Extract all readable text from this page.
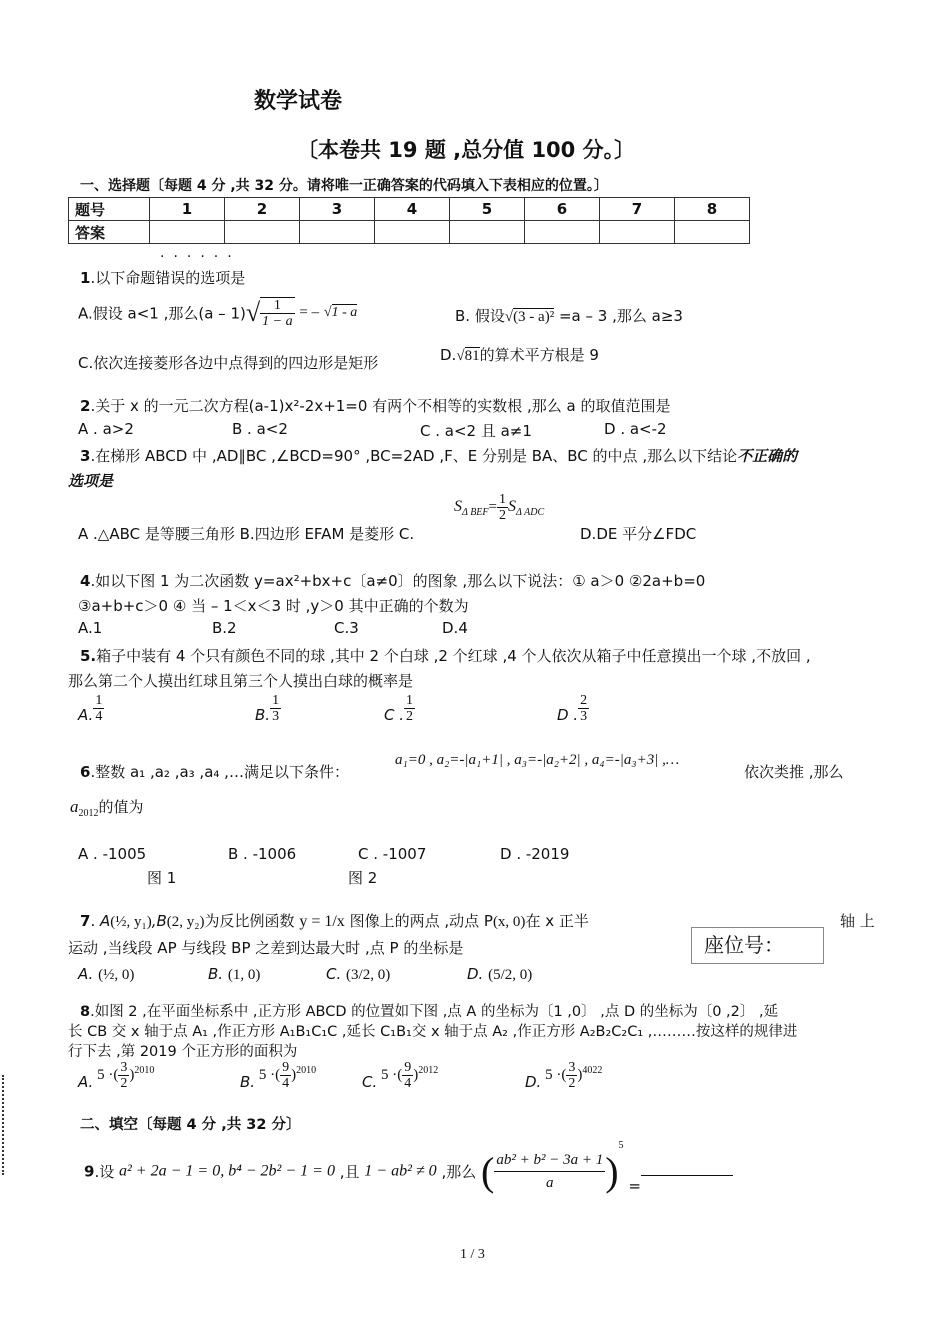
数学试卷
〔本卷共 19 题 ,总分值 100 分。〕
一、选择题〔每题 4 分 ,共 32 分。请将唯一正确答案的代码填入下表相应的位置。〕
题号	1	2	3	4	5	6	7	8
答案								
······
1.以下命题错误的选项是
A.假设 a<1 ,那么$(a - 1)√ \frac{1}{1 - a}$ = – √1 - a	B. 假设√(3 - a)² =a – 3 ,那么 a≥3
C.依次连接菱形各边中点得到的四边形是矩形	D.√81的算术平方根是 9
2.关于 x 的一元二次方程(a-1)x²-2x+1=0 有两个不相等的实数根 ,那么 a 的取值范围是
A . a>2	B . a<2	C . a<2 且 a≠1	D . a<-2
3.在梯形 ABCD 中 ,AD∥BC ,∠BCD=90° ,BC=2AD ,F、E 分别是 BA、BC 的中点 ,那么以下结论不正确的
选项是
A .△ABC 是等腰三角形 B.四边形 EFAM 是菱形 C.
$S_{\Delta BEF}= \frac{1}{2} S_{\Delta ADC}$
D.DE 平分∠FDC
4.如以下图 1 为二次函数 y=ax²+bx+c〔a≠0〕的图象 ,那么以下说法：① a＞0 ②2a+b=0
③a+b+c＞0 ④ 当 – 1＜x＜3 时 ,y＞0 其中正确的个数为
A.1	B.2	C.3	D.4
5.箱子中装有 4 个只有颜色不同的球 ,其中 2 个白球 ,2 个红球 ,4 个人依次从箱子中任意摸出一个球 ,不放回 ,
那么第二个人摸出红球且第三个人摸出白球的概率是
A. $\frac{1}{4}$	B. $\frac{1}{3}$	C . $\frac{1}{2}$	D . $\frac{2}{3}$
6.整数 a₁ ,a₂ ,a₃ ,a₄ ,…满足以下条件：
a₁=0 , a₂=-|a₁+1| , a₃=-|a₂+2| , a₄=-|a₃+3| ,…
依次类推 ,那么
$a_{2012}$的值为
A . -1005	B . -1006	C . -1007	D . -2019
图 1	图 2
7. A(½, y₁),B(2, y₂)为反比例函数 y = 1/x 图像上的两点 ,动点 P(x, 0)在 x 正半	轴 上
运动 ,当线段 AP 与线段 BP 之差到达最大时 ,点 P 的坐标是	座位号：
A. (½, 0)	B. (1, 0)	C. (3/2, 0)	D. (5/2, 0)
8.如图 2 ,在平面坐标系中 ,正方形 ABCD 的位置如下图 ,点 A 的坐标为〔1 ,0〕 ,点 D 的坐标为〔0 ,2〕 ,延
长 CB 交 x 轴于点 A₁ ,作正方形 A₁B₁C₁C ,延长 C₁B₁交 x 轴于点 A₂ ,作正方形 A₂B₂C₂C₁ ,………按这样的规律进
行下去 ,第 2019 个正方形的面积为
A. 5 ·( $\frac{3}{2} )^{2010}$
B. 5 ·( $\frac{9}{4} )^{2010}$
C. 5 ·( $\frac{9}{4} )^{2012}$
D. 5 ·( $\frac{3}{2} )^{4022}$
二、填空〔每题 4 分 ,共 32 分〕
9.设 a² + 2a − 1 = 0, b⁴ − 2b² − 1 = 0 ,且 1 − ab² ≠ 0 ,那么 ( $\frac{\text{ab² + b² − 3a + 1}}{a} )^5$ =
1 / 3
